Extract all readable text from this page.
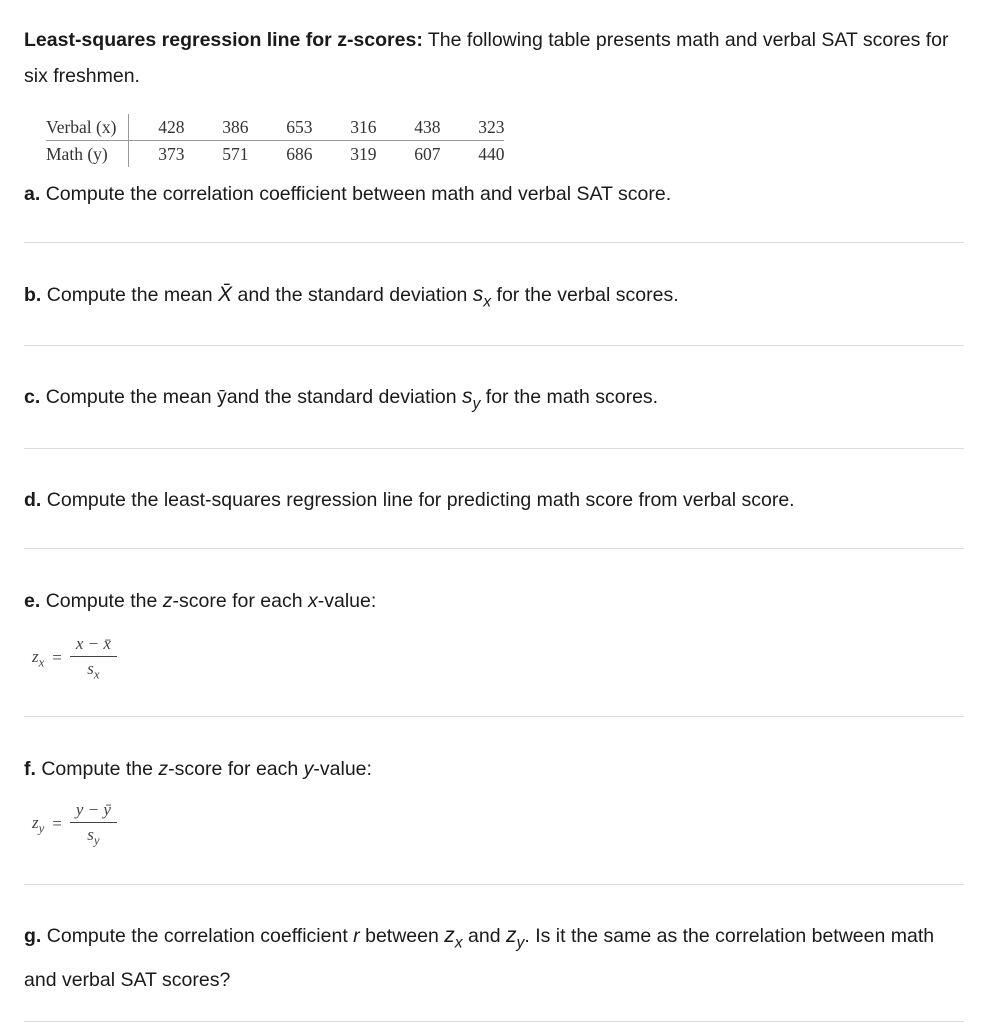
Least-squares regression line for z-scores: The following table presents math and verbal SAT scores for six freshmen.
Verbal (x)	428	386	653	316	438	323
Math (y)	373	571	686	319	607	440
a. Compute the correlation coefficient between math and verbal SAT score.
b. Compute the mean X̄ and the standard deviation $s_x$ for the verbal scores.
c. Compute the mean ȳand the standard deviation $s_y$ for the math scores.
d. Compute the least-squares regression line for predicting math score from verbal score.
e. Compute the z-score for each x-value:
$z_x = \frac{x - x̄}{s_x}$
f. Compute the z-score for each y-value:
$z_y = \frac{y - ȳ}{s_y}$
g. Compute the correlation coefficient r between $z_x$ and $z_y$. Is it the same as the correlation between math and verbal SAT scores?
